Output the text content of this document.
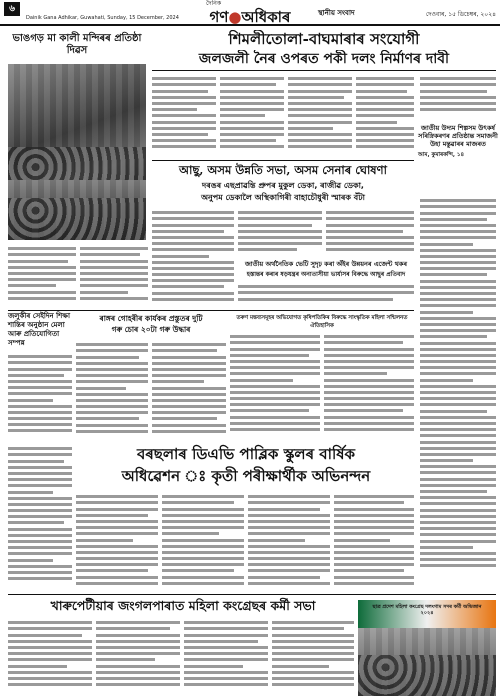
৬
Dainik Gana Adhikar, Guwahati, Sunday, 15 December, 2024
দৈনিক
গণ●অধিকাৰ	স্থানীয় সংবাদ	দেওবাৰ, ১৫ ডিচেম্বৰ, ২০২৪
ভাঙগড় মা কালী মন্দিৰৰ প্ৰতিষ্ঠা দিৱস
শিমলীতোলা-বাঘমাৰাৰ সংযোগী
জলজলী নৈৰ ওপৰত পকী দলং নিৰ্মাণৰ দাবী
জাতীয় উদ্যম শিল্পসম উৎকৰ্ষ সৰিস্নিকৰণৰ প্ৰতিষ্ঠান্ত সমাজনী উহা মন্তুৱাৰৰ মাজৰত
আম, কুমাৰকন্দি, ১৪
আছু, অসম উন্নতি সভা, অসম সেনাৰ ঘোষণা
দৰঙৰ এছপ্ৰাৱন্তি প্ৰুপৰ মুকুল ডেকা, ৰাজীৱ ডেকা,
অনুপম ডেকালৈ অস্থিকাগিৰী বাহাচৌধুৰী স্মাৰক বঁটা
জাতীয় অৰ্থনৈতিক ভেটি সুদৃঢ় কৰা অঁইৰ উন্নয়নৰ এজেন্ট থকৰ
হস্তান্তৰ কৰাৰ ষড়যন্ত্ৰৰ অনাতাসীয়া ভাৰ্যাসৰ বিৰুদ্ধে আছুৰ প্ৰতিবাদ
জলুকীৰ সেইদিন শিক্ষা শান্তিৰ অনুষ্ঠান মেলা আৰু প্ৰতিযোগিতা সম্পন্ন
ৰাঙ্গৰ গোহৰীৰ কাৰ্যকৰ প্ৰস্তুতৰ দুটি
গৰু চোৰ ২০টা গৰু উদ্ধাৰ
তৰুণ মন্তব্যসমূহৰ অভিযোগত কৃষিপতিকিৰ বিৰুদ্ধে সাংস্কৃতিক মহিলা সন্মিলনত ঐতিহাসিক
বৰছলাৰ ডিএভি পাব্লিক স্কুলৰ বাৰ্ষিক
অধিৱেশন ঃ কৃতী পৰীক্ষাৰ্থীক অভিনন্দন
খাৰুপেটীয়াৰ জংগলপাৰাত মহিলা কংগ্ৰেছৰ কৰ্মী সভা	ছাত্ৰ প্ৰদেশ মহিলা কংগ্ৰেছ দলংগাম সদৰ কৰ্মী অভিজান ২০২৪
